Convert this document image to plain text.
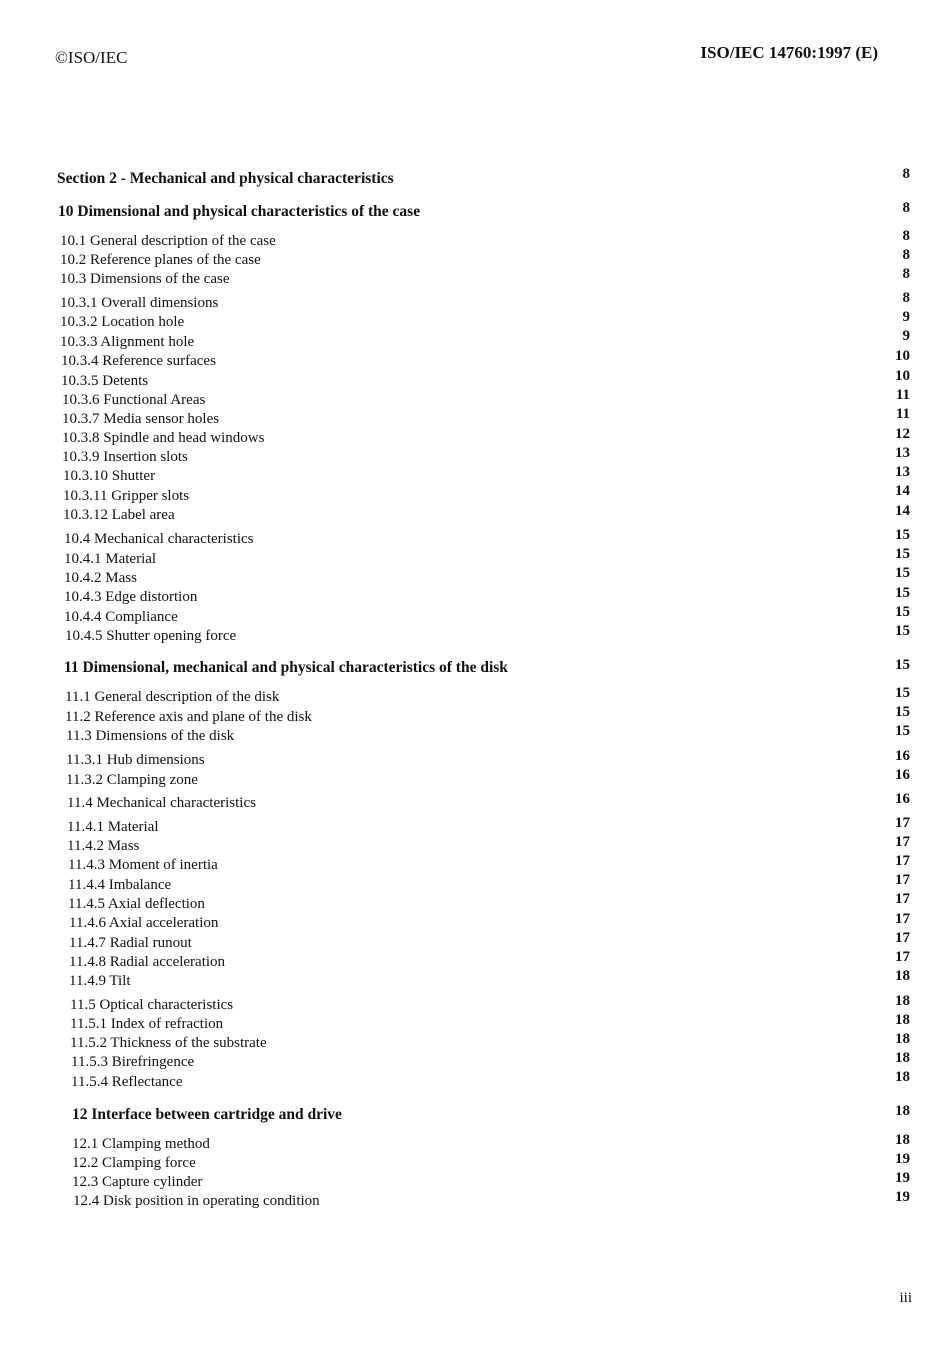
©ISO/IEC	ISO/IEC 14760:1997 (E)
Section 2 - Mechanical and physical characteristics	8
10 Dimensional and physical characteristics of the case	8
10.1 General description of the case	8
10.2 Reference planes of the case	8
10.3 Dimensions of the case	8
10.3.1 Overall dimensions	8
10.3.2 Location hole	9
10.3.3 Alignment hole	9
10.3.4 Reference surfaces	10
10.3.5 Detents	10
10.3.6 Functional Areas	11
10.3.7 Media sensor holes	11
10.3.8 Spindle and head windows	12
10.3.9 Insertion slots	13
10.3.10 Shutter	13
10.3.11 Gripper slots	14
10.3.12 Label area	14
10.4 Mechanical characteristics	15
10.4.1 Material	15
10.4.2 Mass	15
10.4.3 Edge distortion	15
10.4.4 Compliance	15
10.4.5 Shutter opening force	15
11 Dimensional, mechanical and physical characteristics of the disk	15
11.1 General description of the disk	15
11.2 Reference axis and plane of the disk	15
11.3 Dimensions of the disk	15
11.3.1 Hub dimensions	16
11.3.2 Clamping zone	16
11.4 Mechanical characteristics	16
11.4.1 Material	17
11.4.2 Mass	17
11.4.3 Moment of inertia	17
11.4.4 Imbalance	17
11.4.5 Axial deflection	17
11.4.6 Axial acceleration	17
11.4.7 Radial runout	17
11.4.8 Radial acceleration	17
11.4.9 Tilt	18
11.5 Optical characteristics	18
11.5.1 Index of refraction	18
11.5.2 Thickness of the substrate	18
11.5.3 Birefringence	18
11.5.4 Reflectance	18
12 Interface between cartridge and drive	18
12.1 Clamping method	18
12.2 Clamping force	19
12.3 Capture cylinder	19
12.4 Disk position in operating condition	19
iii
